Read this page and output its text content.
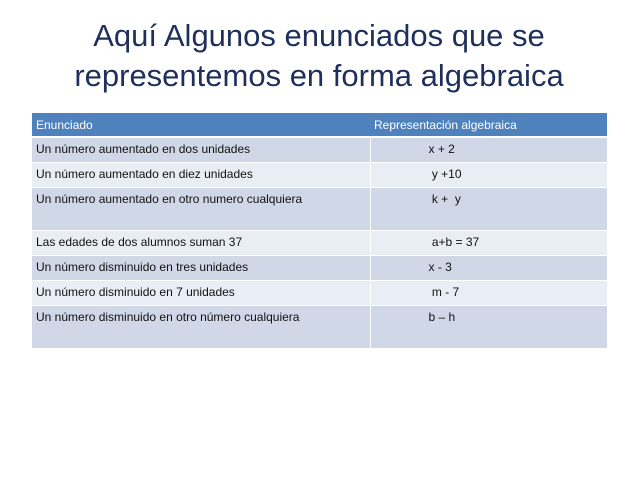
Aquí Algunos enunciados que se representemos en forma algebraica
Enunciado	Representación algebraica
Un número aumentado en dos unidades	x + 2
Un número aumentado en diez unidades	y +10
Un número aumentado en otro numero cualquiera	k +  y
Las edades de dos alumnos suman 37	a+b = 37
Un número disminuido en tres unidades	x - 3
Un número disminuido en 7 unidades	m - 7
Un número disminuido en otro número cualquiera	b – h
